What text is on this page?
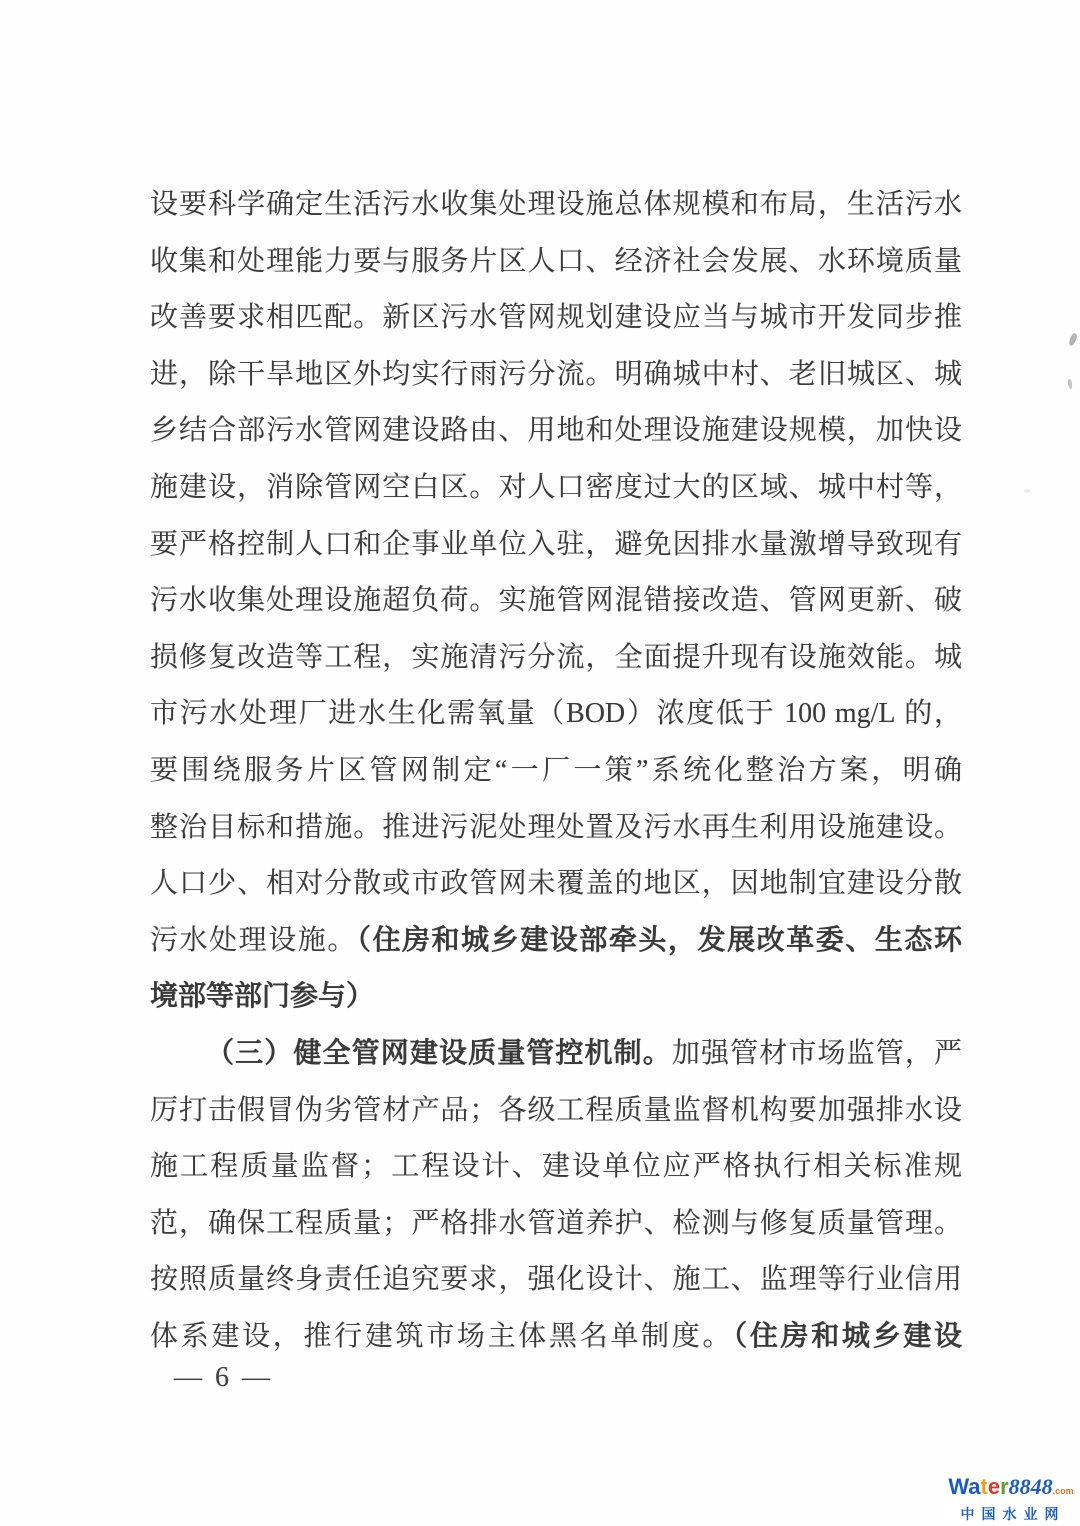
设要科学确定生活污水收集处理设施总体规模和布局，生活污水
收集和处理能力要与服务片区人口、经济社会发展、水环境质量
改善要求相匹配。新区污水管网规划建设应当与城市开发同步推
进，除干旱地区外均实行雨污分流。明确城中村、老旧城区、城
乡结合部污水管网建设路由、用地和处理设施建设规模，加快设
施建设，消除管网空白区。对人口密度过大的区域、城中村等，
要严格控制人口和企事业单位入驻，避免因排水量激增导致现有
污水收集处理设施超负荷。实施管网混错接改造、管网更新、破
损修复改造等工程，实施清污分流，全面提升现有设施效能。城
市污水处理厂进水生化需氧量（BOD）浓度低于 100 mg/L 的，
要围绕服务片区管网制定“一厂一策”系统化整治方案，明确
整治目标和措施。推进污泥处理处置及污水再生利用设施建设。
人口少、相对分散或市政管网未覆盖的地区，因地制宜建设分散
污水处理设施。（住房和城乡建设部牵头，发展改革委、生态环
境部等部门参与）
（三）健全管网建设质量管控机制。加强管材市场监管，严
厉打击假冒伪劣管材产品；各级工程质量监督机构要加强排水设
施工程质量监督；工程设计、建设单位应严格执行相关标准规
范，确保工程质量；严格排水管道养护、检测与修复质量管理。
按照质量终身责任追究要求，强化设计、施工、监理等行业信用
体系建设，推行建筑市场主体黑名单制度。（住房和城乡建设
— 6 —
Water8848.com
中国水业网
